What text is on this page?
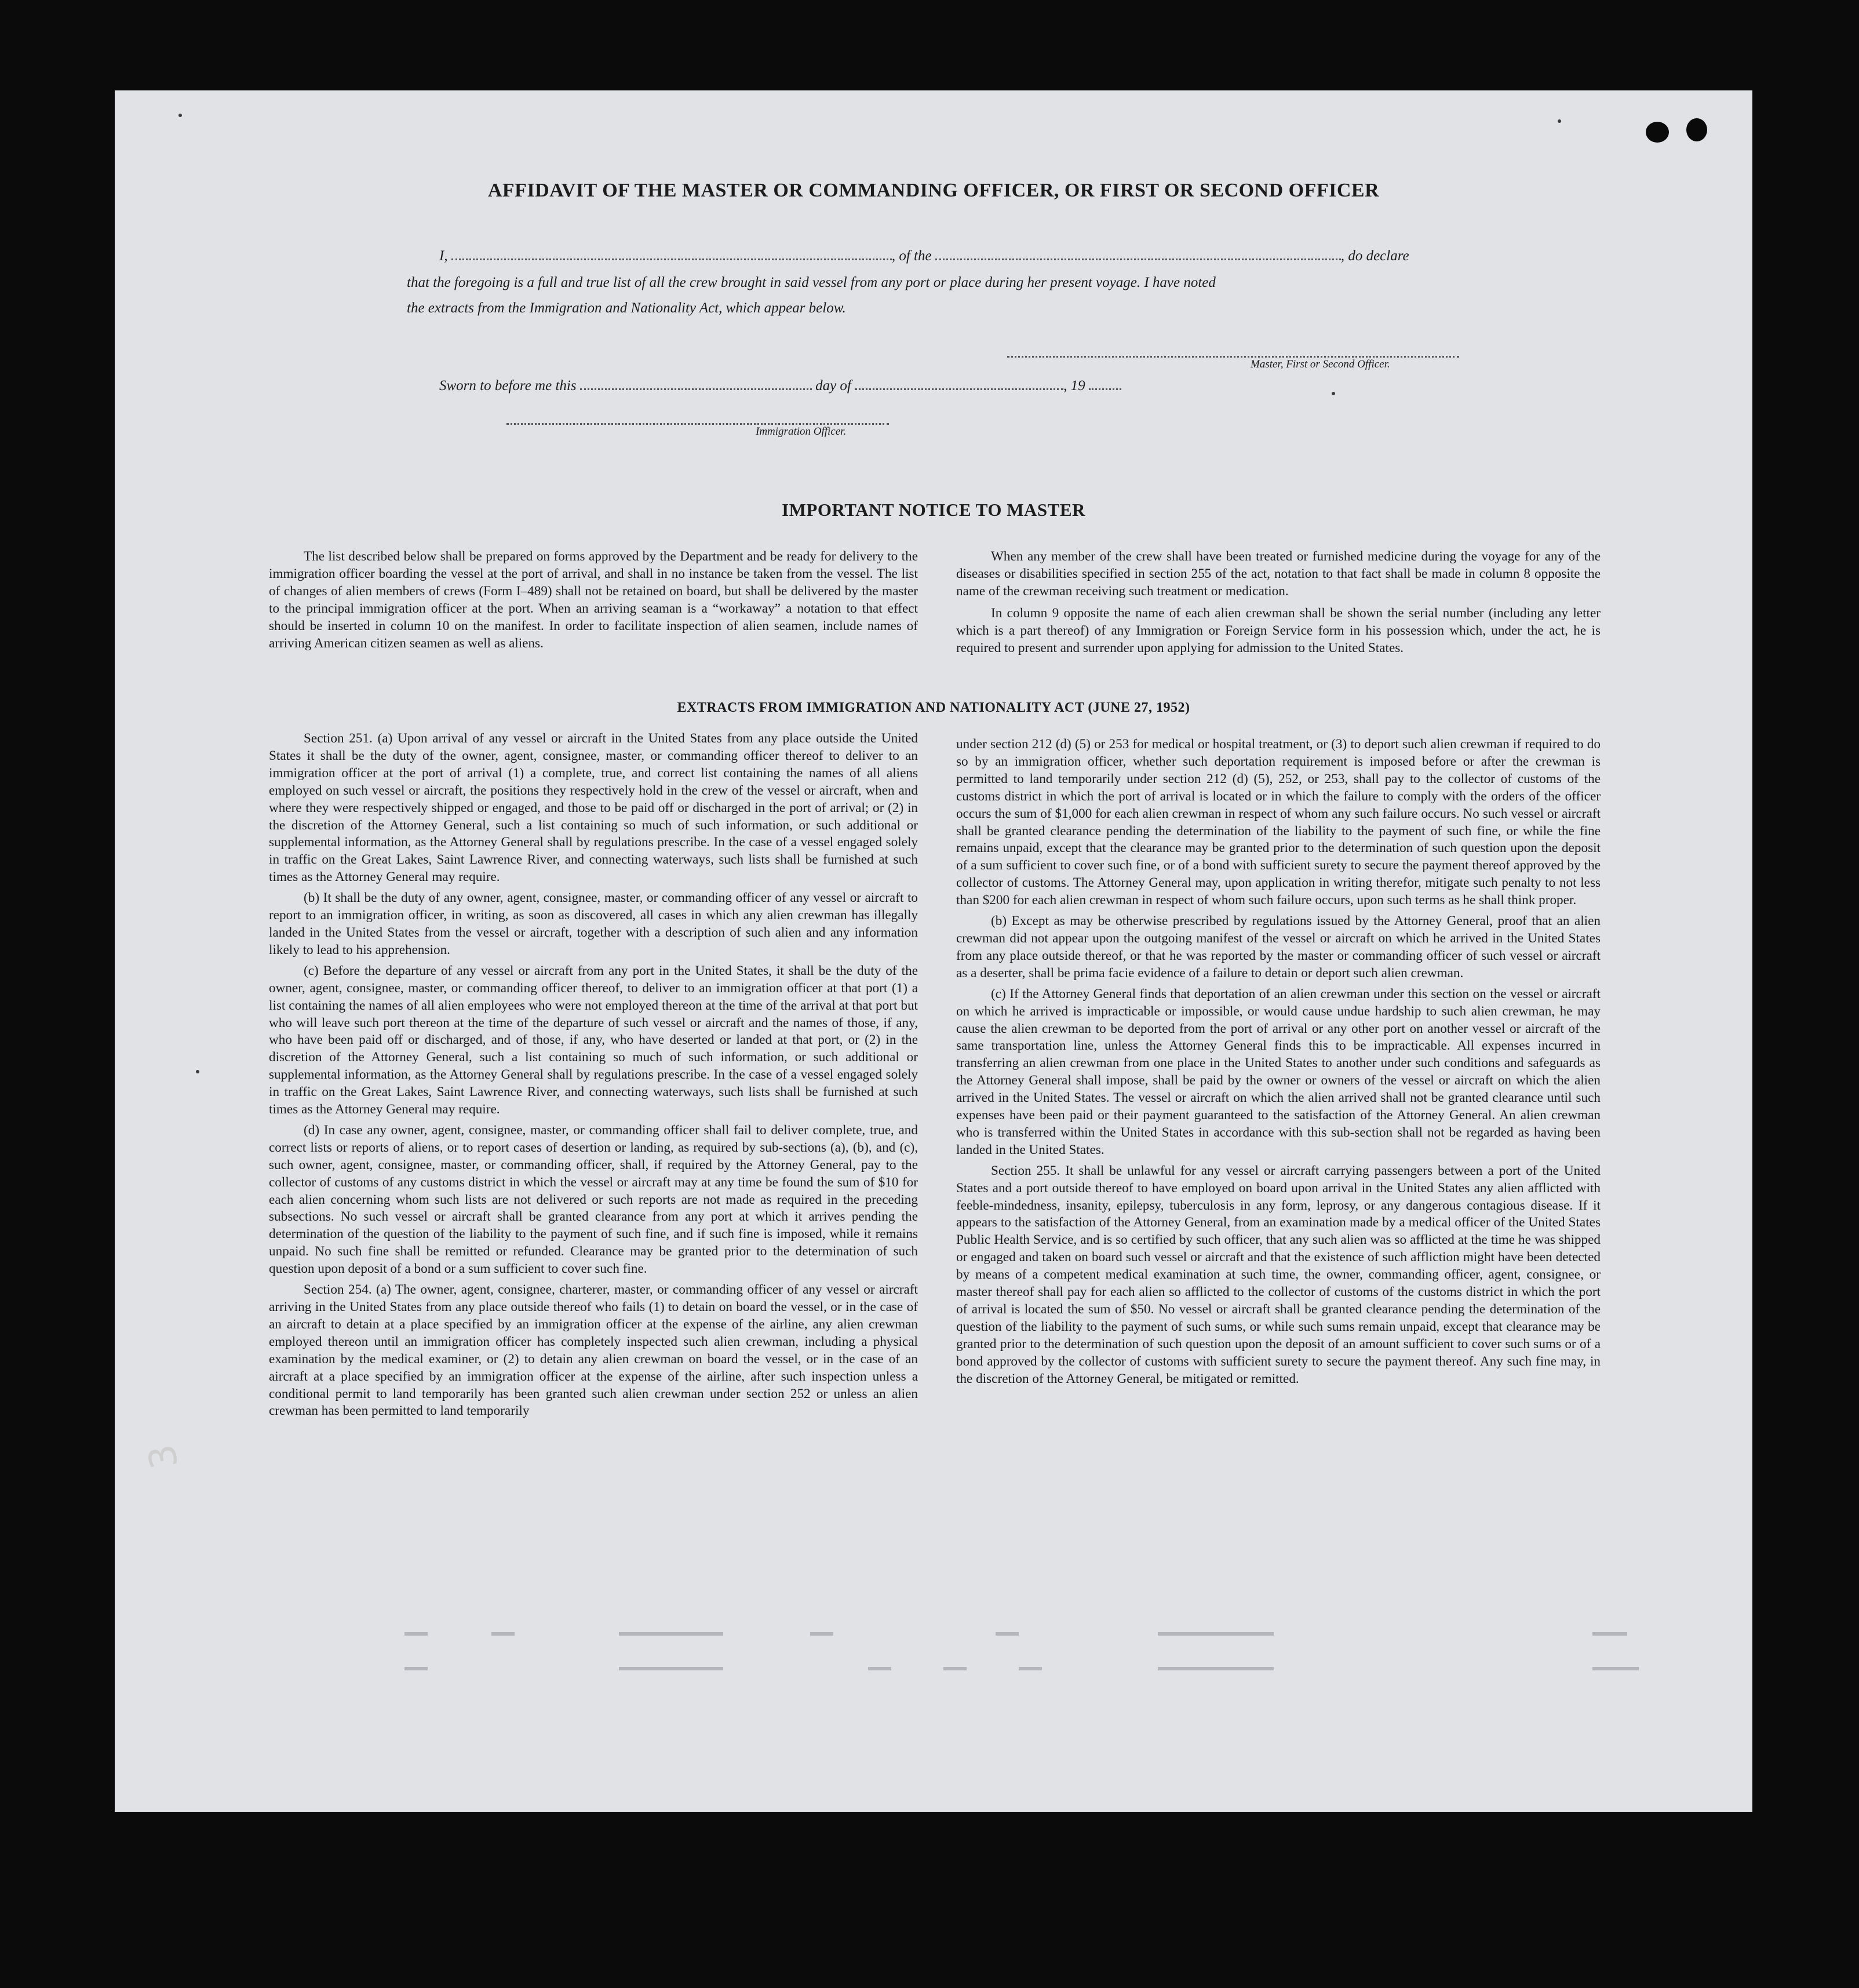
AFFIDAVIT OF THE MASTER OR COMMANDING OFFICER, OR FIRST OR SECOND OFFICER
I,	, of the	, do declare
that the foregoing is a full and true list of all the crew brought in said vessel from any port or place during her present voyage. I have noted
the extracts from the Immigration and Nationality Act, which appear below.
Master, First or Second Officer.
Sworn to before me this	day of	, 19
Immigration Officer.
IMPORTANT NOTICE TO MASTER

The list described below shall be prepared on forms approved by the Department and be ready for delivery to the immigration officer boarding the vessel at the port of arrival, and shall in no instance be taken from the vessel. The list of changes of alien members of crews (Form I–489) shall not be retained on board, but shall be delivered by the master to the principal immigration officer at the port. When an arriving seaman is a “workaway” a notation to that effect should be inserted in column 10 on the manifest. In order to facilitate inspection of alien seamen, include names of arriving American citizen seamen as well as aliens.

When any member of the crew shall have been treated or furnished medicine during the voyage for any of the diseases or disabilities specified in section 255 of the act, notation to that fact shall be made in column 8 opposite the name of the crewman receiving such treatment or medication.

In column 9 opposite the name of each alien crewman shall be shown the serial number (including any letter which is a part thereof) of any Immigration or Foreign Service form in his possession which, under the act, he is required to present and surrender upon applying for admission to the United States.

EXTRACTS FROM IMMIGRATION AND NATIONALITY ACT (JUNE 27, 1952)

Section 251. (a) Upon arrival of any vessel or aircraft in the United States from any place outside the United States it shall be the duty of the owner, agent, consignee, master, or commanding officer thereof to deliver to an immigration officer at the port of arrival (1) a complete, true, and correct list containing the names of all aliens employed on such vessel or aircraft, the positions they respectively hold in the crew of the vessel or aircraft, when and where they were respectively shipped or engaged, and those to be paid off or discharged in the port of arrival; or (2) in the discretion of the Attorney General, such a list containing so much of such information, or such additional or supplemental information, as the Attorney General shall by regulations prescribe. In the case of a vessel engaged solely in traffic on the Great Lakes, Saint Lawrence River, and connecting waterways, such lists shall be furnished at such times as the Attorney General may require.

(b) It shall be the duty of any owner, agent, consignee, master, or commanding officer of any vessel or aircraft to report to an immigration officer, in writing, as soon as discovered, all cases in which any alien crewman has illegally landed in the United States from the vessel or aircraft, together with a description of such alien and any information likely to lead to his apprehension.

(c) Before the departure of any vessel or aircraft from any port in the United States, it shall be the duty of the owner, agent, consignee, master, or commanding officer thereof, to deliver to an immigration officer at that port (1) a list containing the names of all alien employees who were not employed thereon at the time of the arrival at that port but who will leave such port thereon at the time of the departure of such vessel or aircraft and the names of those, if any, who have been paid off or discharged, and of those, if any, who have deserted or landed at that port, or (2) in the discretion of the Attorney General, such a list containing so much of such information, or such additional or supplemental information, as the Attorney General shall by regulations prescribe. In the case of a vessel engaged solely in traffic on the Great Lakes, Saint Lawrence River, and connecting waterways, such lists shall be furnished at such times as the Attorney General may require.

(d) In case any owner, agent, consignee, master, or commanding officer shall fail to deliver complete, true, and correct lists or reports of aliens, or to report cases of desertion or landing, as required by sub-sections (a), (b), and (c), such owner, agent, consignee, master, or commanding officer, shall, if required by the Attorney General, pay to the collector of customs of any customs district in which the vessel or aircraft may at any time be found the sum of $10 for each alien concerning whom such lists are not delivered or such reports are not made as required in the preceding subsections. No such vessel or aircraft shall be granted clearance from any port at which it arrives pending the determination of the question of the liability to the payment of such fine, and if such fine is imposed, while it remains unpaid. No such fine shall be remitted or refunded. Clearance may be granted prior to the determination of such question upon deposit of a bond or a sum sufficient to cover such fine.

Section 254. (a) The owner, agent, consignee, charterer, master, or commanding officer of any vessel or aircraft arriving in the United States from any place outside thereof who fails (1) to detain on board the vessel, or in the case of an aircraft to detain at a place specified by an immigration officer at the expense of the airline, any alien crewman employed thereon until an immigration officer has completely inspected such alien crewman, including a physical examination by the medical examiner, or (2) to detain any alien crewman on board the vessel, or in the case of an aircraft at a place specified by an immigration officer at the expense of the airline, after such inspection unless a conditional permit to land temporarily has been granted such alien crewman under section 252 or unless an alien crewman has been permitted to land temporarily

under section 212 (d) (5) or 253 for medical or hospital treatment, or (3) to deport such alien crewman if required to do so by an immigration officer, whether such deportation requirement is imposed before or after the crewman is permitted to land temporarily under section 212 (d) (5), 252, or 253, shall pay to the collector of customs of the customs district in which the port of arrival is located or in which the failure to comply with the orders of the officer occurs the sum of $1,000 for each alien crewman in respect of whom any such failure occurs. No such vessel or aircraft shall be granted clearance pending the determination of the liability to the payment of such fine, or while the fine remains unpaid, except that the clearance may be granted prior to the determination of such question upon the deposit of a sum sufficient to cover such fine, or of a bond with sufficient surety to secure the payment thereof approved by the collector of customs. The Attorney General may, upon application in writing therefor, mitigate such penalty to not less than $200 for each alien crewman in respect of whom such failure occurs, upon such terms as he shall think proper.

(b) Except as may be otherwise prescribed by regulations issued by the Attorney General, proof that an alien crewman did not appear upon the outgoing manifest of the vessel or aircraft on which he arrived in the United States from any place outside thereof, or that he was reported by the master or commanding officer of such vessel or aircraft as a deserter, shall be prima facie evidence of a failure to detain or deport such alien crewman.

(c) If the Attorney General finds that deportation of an alien crewman under this section on the vessel or aircraft on which he arrived is impracticable or impossible, or would cause undue hardship to such alien crewman, he may cause the alien crewman to be deported from the port of arrival or any other port on another vessel or aircraft of the same transportation line, unless the Attorney General finds this to be impracticable. All expenses incurred in transferring an alien crewman from one place in the United States to another under such conditions and safeguards as the Attorney General shall impose, shall be paid by the owner or owners of the vessel or aircraft on which the alien arrived in the United States. The vessel or aircraft on which the alien arrived shall not be granted clearance until such expenses have been paid or their payment guaranteed to the satisfaction of the Attorney General. An alien crewman who is transferred within the United States in accordance with this sub-section shall not be regarded as having been landed in the United States.

Section 255. It shall be unlawful for any vessel or aircraft carrying passengers between a port of the United States and a port outside thereof to have employed on board upon arrival in the United States any alien afflicted with feeble-mindedness, insanity, epilepsy, tuberculosis in any form, leprosy, or any dangerous contagious disease. If it appears to the satisfaction of the Attorney General, from an examination made by a medical officer of the United States Public Health Service, and is so certified by such officer, that any such alien was so afflicted at the time he was shipped or engaged and taken on board such vessel or aircraft and that the existence of such affliction might have been detected by means of a competent medical examination at such time, the owner, commanding officer, agent, consignee, or master thereof shall pay for each alien so afflicted to the collector of customs of the customs district in which the port of arrival is located the sum of $50. No vessel or aircraft shall be granted clearance pending the determination of the question of the liability to the payment of such sums, or while such sums remain unpaid, except that clearance may be granted prior to the determination of such question upon the deposit of an amount sufficient to cover such sums or of a bond approved by the collector of customs with sufficient surety to secure the payment thereof. Any such fine may, in the discretion of the Attorney General, be mitigated or remitted.

3
